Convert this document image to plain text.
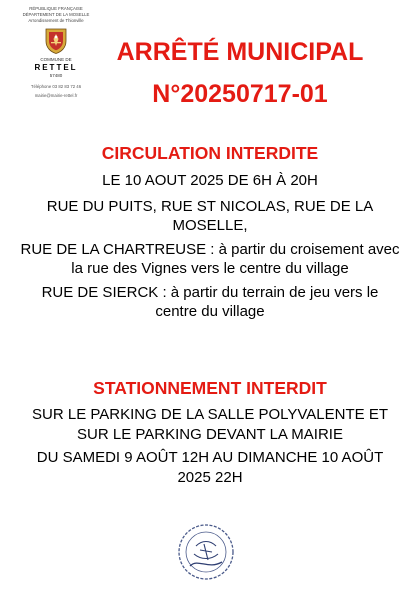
RÉPUBLIQUE FRANÇAISE
DÉPARTEMENT DE LA MOSELLE
Arrondissement de Thionville
COMMUNE DE
RETTEL
57480
Téléphone 03 82 83 72 46
mairie@mairie-rettel.fr
ARRÊTÉ MUNICIPAL
N°20250717-01
CIRCULATION INTERDITE
LE 10 AOUT 2025 DE 6H À 20H
RUE DU PUITS, RUE ST NICOLAS, RUE DE LA MOSELLE,
RUE DE LA CHARTREUSE : à partir du croisement avec la rue des Vignes vers le centre du village
RUE DE SIERCK : à partir du terrain de jeu vers le centre du village
STATIONNEMENT INTERDIT
SUR LE PARKING DE LA SALLE POLYVALENTE ET SUR LE PARKING DEVANT LA MAIRIE
DU SAMEDI 9 AOÛT 12H AU DIMANCHE 10 AOÛT 2025 22H
